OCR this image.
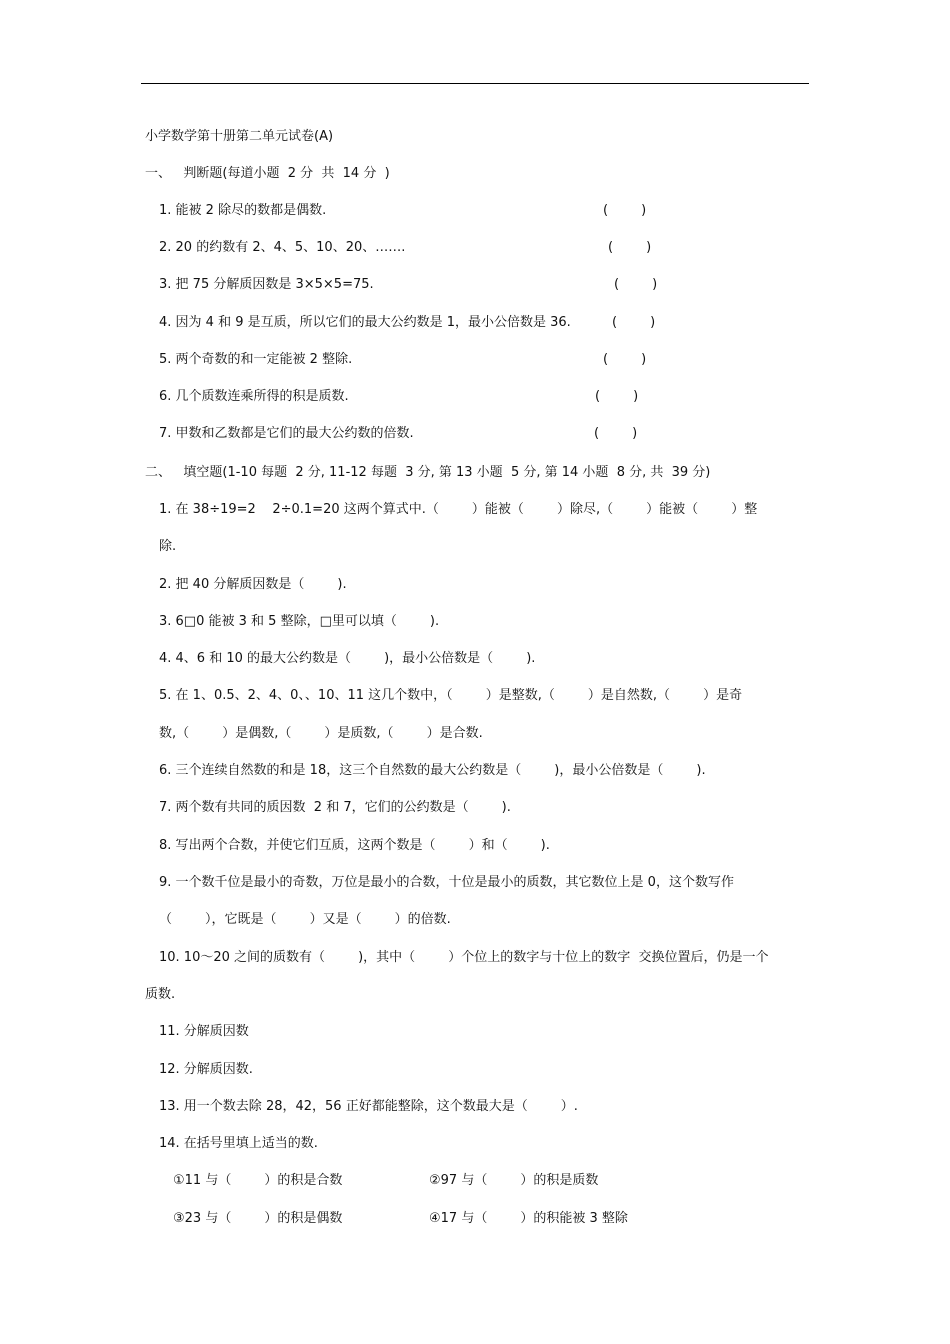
小学数学第十册第二单元试卷(A)
一、   判断题(每道小题  2 分  共  14 分  )
1. 能被 2 除尽的数都是偶数.	(        )
2. 20 的约数有 2、4、5、10、20、…….	(        )
3. 把 75 分解质因数是 3×5×5=75.	(        )
4. 因为 4 和 9 是互质，所以它们的最大公约数是 1，最小公倍数是 36.	(        )
5. 两个奇数的和一定能被 2 整除.	(        )
6. 几个质数连乘所得的积是质数.	(        )
7. 甲数和乙数都是它们的最大公约数的倍数.	(        )
二、   填空题(1-10 每题  2 分, 11-12 每题  3 分, 第 13 小题  5 分, 第 14 小题  8 分, 共  39 分)
1. 在 38÷19=2    2÷0.1=20 这两个算式中.（        ）能被（        ）除尽,（        ）能被（        ）整
除.
2. 把 40 分解质因数是（        ).
3. 6□0 能被 3 和 5 整除，□里可以填（        ).
4. 4、6 和 10 的最大公约数是（        )，最小公倍数是（        ).
5. 在 1、0.5、2、4、0、、10、11 这几个数中，（        ）是整数,（        ）是自然数,（        ）是奇
数,（        ）是偶数,（        ）是质数,（        ）是合数.
6. 三个连续自然数的和是 18，这三个自然数的最大公约数是（        )，最小公倍数是（        ).
7. 两个数有共同的质因数  2 和 7，它们的公约数是（        ).
8. 写出两个合数，并使它们互质，这两个数是（        ）和（        ).
9. 一个数千位是最小的奇数，万位是最小的合数，十位是最小的质数，其它数位上是 0，这个数写作
（        ），它既是（        ）又是（        ）的倍数.
10. 10～20 之间的质数有（        )，其中（        ）个位上的数字与十位上的数字  交换位置后，仍是一个
质数.
11. 分解质因数
12. 分解质因数.
13. 用一个数去除 28，42，56 正好都能整除，这个数最大是（        ）.
14. 在括号里填上适当的数.
①11 与（        ）的积是合数	②97 与（        ）的积是质数
③23 与（        ）的积是偶数	④17 与（        ）的积能被 3 整除
